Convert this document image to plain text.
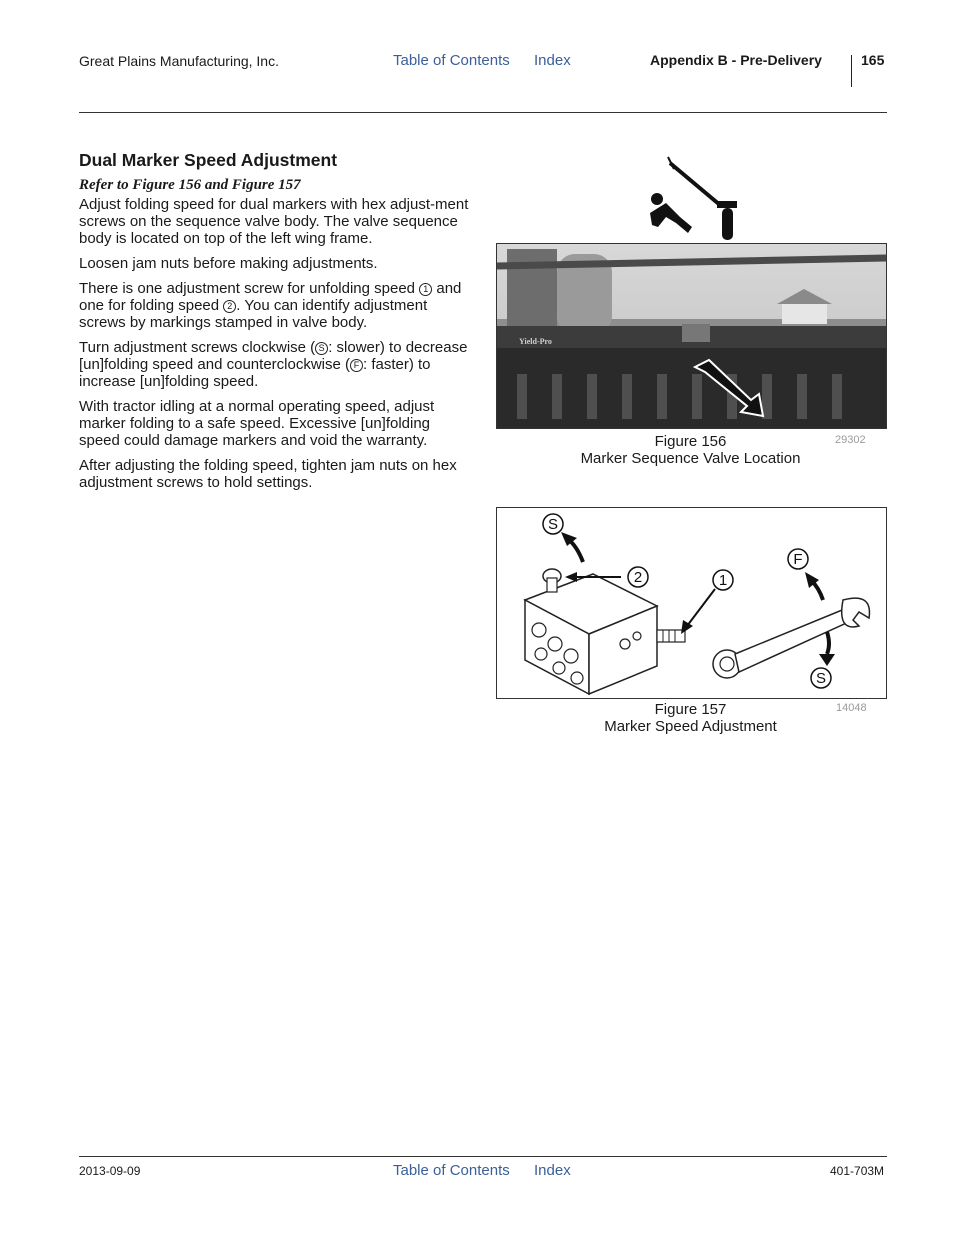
Great Plains Manufacturing, Inc.	Table of Contents Index	Appendix B - Pre-Delivery	165
Dual Marker Speed Adjustment
Refer to Figure 156 and Figure 157

Adjust folding speed for dual markers with hex adjust-ment screws on the sequence valve body. The valve sequence body is located on top of the left wing frame.

Loosen jam nuts before making adjustments.

There is one adjustment screw for unfolding speed 1 and one for folding speed 2 . You can identify adjustment screws by markings stamped in valve body.

Turn adjustment screws clockwise ( S : slower) to decrease [un]folding speed and counterclockwise ( F : faster) to increase [un]folding speed.

With tractor idling at a normal operating speed, adjust marker folding to a safe speed. Excessive [un]folding speed could damage markers and void the warranty.

After adjusting the folding speed, tighten jam nuts on hex adjustment screws to hold settings.

Yield-Pro
Figure 156
Marker Sequence Valve Location
29302
S
2	1
F
S
Figure 157
Marker Speed Adjustment
14048
2013-09-09	Table of Contents Index	401-703M
